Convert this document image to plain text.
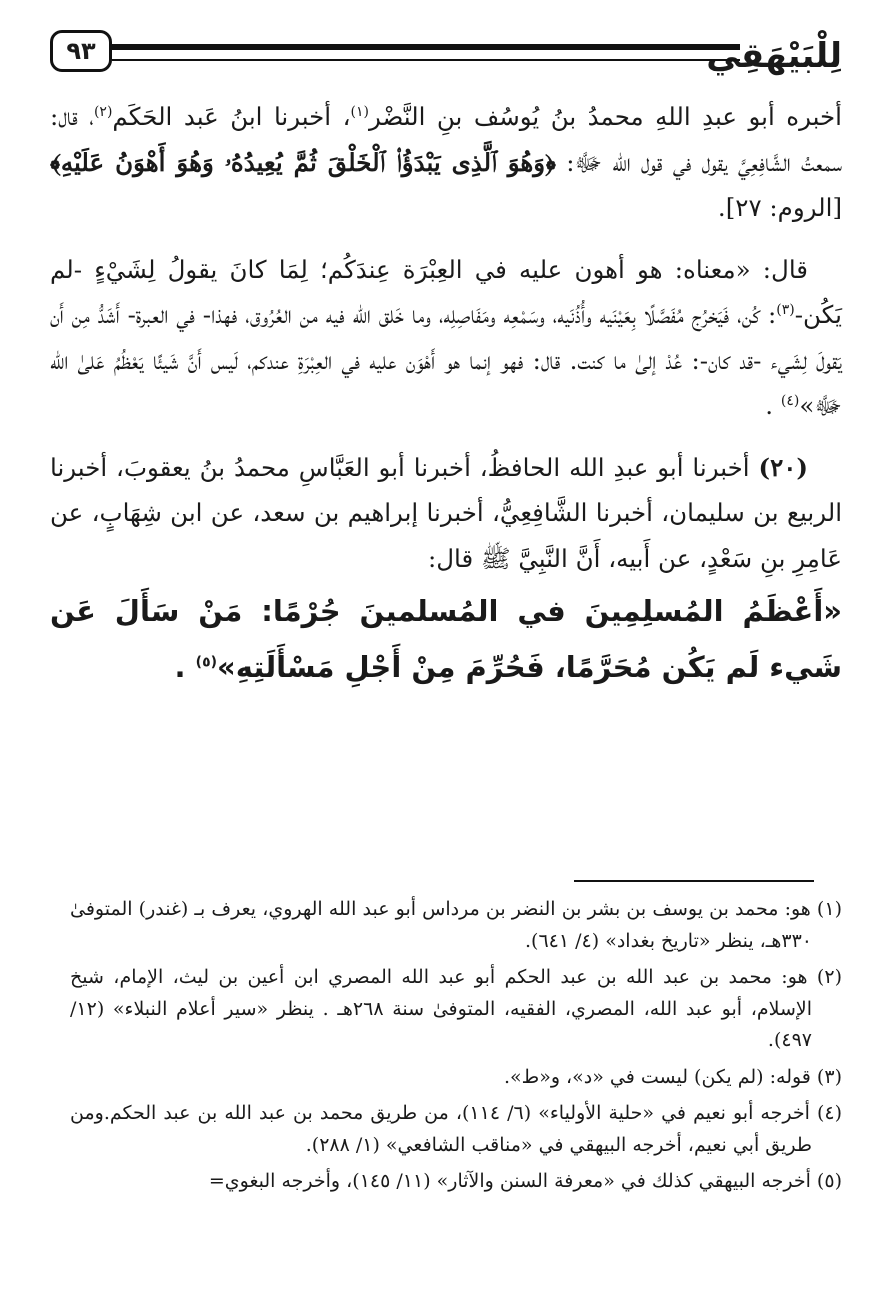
لِلْبَيْهَقِي
٩٣

أخبره أبو عبدِ اللهِ محمدُ بنُ يُوسُف بنِ النَّضْر$^{(١)}$، أخبرنا ابنُ عَبد الحَكَم$^{(٢)}$، قال: سمعتُ الشَّافِعِيَّ يقول في قول الله ﷻ: ﴿وَهُوَ ٱلَّذِى يَبْدَؤُا۟ ٱلْخَلْقَ ثُمَّ يُعِيدُهُۥ وَهُوَ أَهْوَنُ عَلَيْهِ﴾ [الروم: ٢٧].

قال: «معناه: هو أهون عليه في العِبْرَة عِندَكُم؛ لِمَا كانَ يقولُ لِشَيْءٍ -لم يَكُن-$^{(٣)}$: كُن، فَيَخرُج مُفَصَّلًا بِعَيْنَيه وأُذُنَيه، وسَمْعِه ومَفَاصِلِه، وما خَلق الله فيه من العُرُوق، فهذا- في العبرة- أَشَدُّ مِن أَن يَقولَ لِشَيء -قد كان-: عُدْ إلىٰ ما كنت. قال: فهو إنما هو أَهْوَن عليه في العِبْرَةِ عندكم، لَيس أَنَّ شَيئًا يَعْظُمُ عَلىٰ الله ﷻ»$^{(٤)}$ .

(٢٠) أخبرنا أبو عبدِ الله الحافظُ، أخبرنا أبو العَبَّاسِ محمدُ بنُ يعقوبَ، أخبرنا الربيع بن سليمان، أخبرنا الشَّافِعِيُّ، أخبرنا إبراهيم بن سعد، عن ابن شِهَابٍ، عن عَامِرِ بنِ سَعْدٍ، عن أَبيه، أَنَّ النَّبِيَّ ﷺ قال:

«أَعْظَمُ المُسلِمِينَ في المُسلمينَ جُرْمًا: مَنْ سَأَلَ عَن شَيء لَم يَكُن مُحَرَّمًا، فَحُرِّمَ مِنْ أَجْلِ مَسْأَلَتِهِ»$^{(٥)}$ .

(١) هو: محمد بن يوسف بن بشر بن النضر بن مرداس أبو عبد الله الهروي، يعرف بـ (غندر) المتوفىٰ ٣٣٠هـ، ينظر «تاريخ بغداد» (٤/ ٦٤١).

(٢) هو: محمد بن عبد الله بن عبد الحكم أبو عبد الله المصري ابن أعين بن ليث، الإمام، شيخ الإسلام، أبو عبد الله، المصري، الفقيه، المتوفىٰ سنة ٢٦٨هـ . ينظر «سير أعلام النبلاء» (١٢/ ٤٩٧).

(٣) قوله: (لم يكن) ليست في «د»، و«ط».

(٤) أخرجه أبو نعيم في «حلية الأولياء» (٦/ ١١٤)، من طريق محمد بن عبد الله بن عبد الحكم.ومن طريق أبي نعيم، أخرجه البيهقي في «مناقب الشافعي» (١/ ٢٨٨).

(٥) أخرجه البيهقي كذلك في «معرفة السنن والآثار» (١١/ ١٤٥)، وأخرجه البغوي=
